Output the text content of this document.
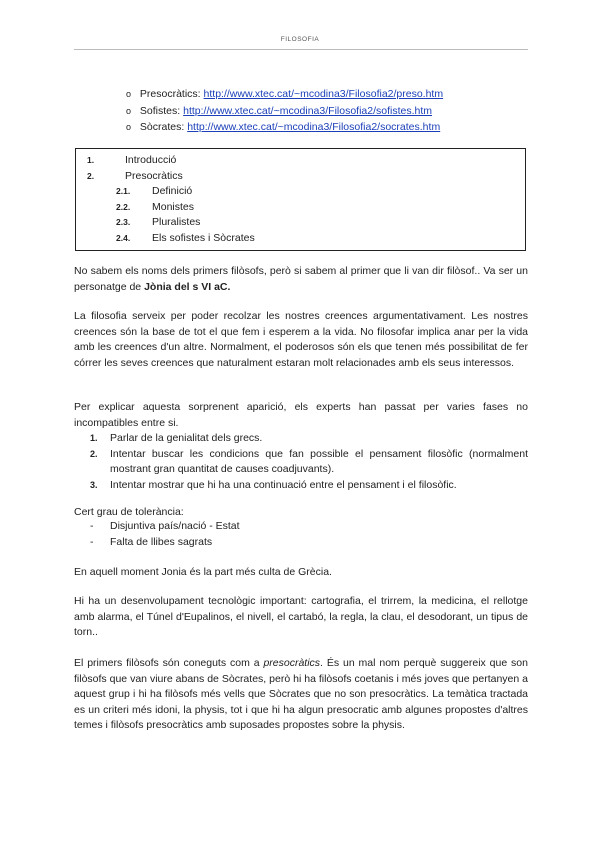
FILOSOFIA
o Presocràtics: http://www.xtec.cat/~mcodina3/Filosofia2/preso.htm
o Sofistes: http://www.xtec.cat/~mcodina3/Filosofia2/sofistes.htm
o Sòcrates: http://www.xtec.cat/~mcodina3/Filosofia2/socrates.htm
1.	Introducció
2.	Presocràtics
2.1. Definició
2.2. Monistes
2.3. Pluralistes
2.4. Els sofistes i Sòcrates
No sabem els noms dels primers filòsofs, però si sabem al primer que li van dir filòsof.. Va ser un personatge de Jònia del s VI aC.
La filosofia serveix per poder recolzar les nostres creences argumentativament. Les nostres creences són la base de tot el que fem i esperem a la vida. No filosofar implica anar per la vida amb les creences d'un altre. Normalment, el poderosos són els que tenen més possibilitat de fer córrer les seves creences que naturalment estaran molt relacionades amb els seus interessos.
Per explicar aquesta sorprenent aparició, els experts han passat per varies fases no incompatibles entre si.
1. Parlar de la genialitat dels grecs.
2. Intentar buscar les condicions que fan possible el pensament filosòfic (normalment mostrant gran quantitat de causes coadjuvants).
3. Intentar mostrar que hi ha una continuació entre el pensament i el filosòfic.
Cert grau de tolerància:
- Disjuntiva país/nació - Estat
- Falta de llibes sagrats
En aquell moment Jonia és la part més culta de Grècia.
Hi ha un desenvolupament tecnològic important: cartografia, el trirrem, la medicina, el rellotge amb alarma, el Túnel d'Eupalinos, el nivell, el cartabó, la regla, la clau, el desodorant, un tipus de torn..
El primers filòsofs són coneguts com a presocràtics. És un mal nom perquè suggereix que son filòsofs que van viure abans de Sòcrates, però hi ha filòsofs coetanis i més joves que pertanyen a aquest grup i hi ha filòsofs més vells que Sòcrates que no son presocràtics. La temàtica tractada es un criteri més idoni, la physis, tot i que hi ha algun presocratic amb algunes propostes d'altres temes i filòsofs presocràtics amb suposades propostes sobre la physis.
